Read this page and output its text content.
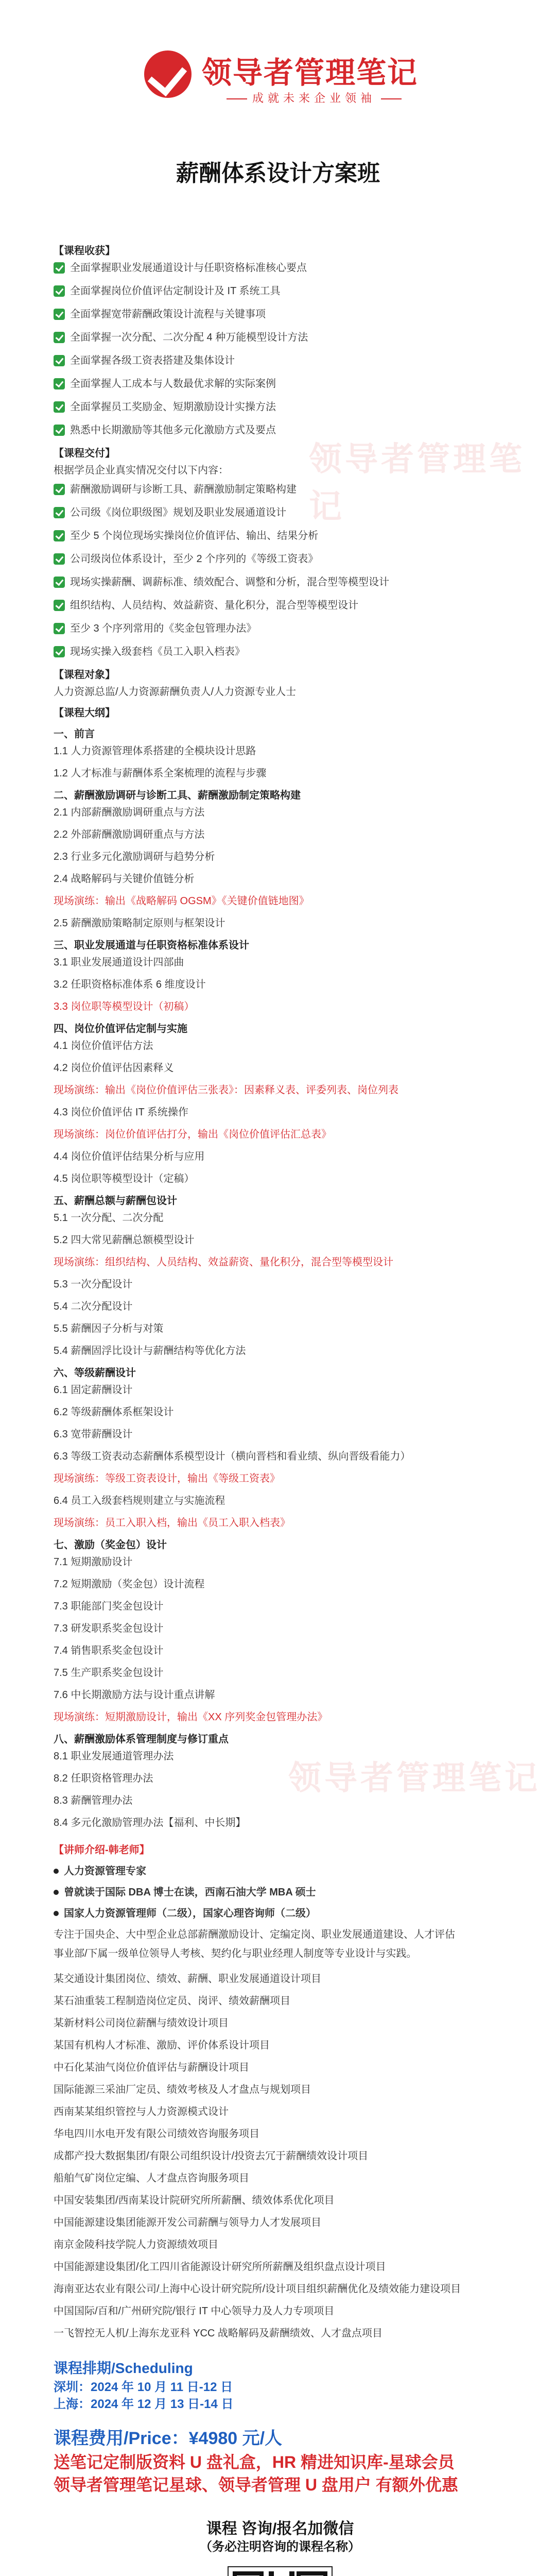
领导者管理笔记
成就未来企业领袖
薪酬体系设计方案班
领导者管理笔记
领导者管理笔记
【课程收获】
全面掌握职业发展通道设计与任职资格标准核心要点
全面掌握岗位价值评估定制设计及 IT 系统工具
全面掌握宽带薪酬政策设计流程与关键事项
全面掌握一次分配、二次分配 4 种万能模型设计方法
全面掌握各级工资表搭建及集体设计
全面掌握人工成本与人数最优求解的实际案例
全面掌握员工奖励金、短期激励设计实操方法
熟悉中长期激励等其他多元化激励方式及要点
【课程交付】
根据学员企业真实情况交付以下内容：
薪酬激励调研与诊断工具、薪酬激励制定策略构建
公司级《岗位职级图》规划及职业发展通道设计
至少 5 个岗位现场实操岗位价值评估、输出、结果分析
公司级岗位体系设计，至少 2 个序列的《等级工资表》
现场实操薪酬、调薪标准、绩效配合、调整和分析，混合型等模型设计
组织结构、人员结构、效益薪资、量化积分，混合型等模型设计
至少 3 个序列常用的《奖金包管理办法》
现场实操入级套档《员工入职入档表》
【课程对象】
人力资源总监/人力资源薪酬负责人/人力资源专业人士
【课程大纲】
一、前言
1.1 人力资源管理体系搭建的全模块设计思路
1.2 人才标准与薪酬体系全案梳理的流程与步骤
二、薪酬激励调研与诊断工具、薪酬激励制定策略构建
2.1 内部薪酬激励调研重点与方法
2.2 外部薪酬激励调研重点与方法
2.3 行业多元化激励调研与趋势分析
2.4 战略解码与关键价值链分析
现场演练：输出《战略解码 OGSM》《关键价值链地图》
2.5 薪酬激励策略制定原则与框架设计
三、职业发展通道与任职资格标准体系设计
3.1 职业发展通道设计四部曲
3.2 任职资格标准体系 6 维度设计
3.3 岗位职等模型设计（初稿）
四、岗位价值评估定制与实施
4.1 岗位价值评估方法
4.2 岗位价值评估因素释义
现场演练：输出《岗位价值评估三张表》：因素释义表、评委列表、岗位列表
4.3 岗位价值评估 IT 系统操作
现场演练：岗位价值评估打分，输出《岗位价值评估汇总表》
4.4 岗位价值评估结果分析与应用
4.5 岗位职等模型设计（定稿）
五、薪酬总额与薪酬包设计
5.1 一次分配、二次分配
5.2 四大常见薪酬总额模型设计
现场演练：组织结构、人员结构、效益薪资、量化积分，混合型等模型设计
5.3 一次分配设计
5.4 二次分配设计
5.5 薪酬因子分析与对策
5.4 薪酬固浮比设计与薪酬结构等优化方法
六、等级薪酬设计
6.1 固定薪酬设计
6.2 等级薪酬体系框架设计
6.3 宽带薪酬设计
6.3 等级工资表动态薪酬体系模型设计（横向晋档和看业绩、纵向晋级看能力）
现场演练：等级工资表设计，输出《等级工资表》
6.4 员工入级套档规则建立与实施流程
现场演练：员工入职入档，输出《员工入职入档表》
七、激励（奖金包）设计
7.1 短期激励设计
7.2 短期激励（奖金包）设计流程
7.3 职能部门奖金包设计
7.3 研发职系奖金包设计
7.4 销售职系奖金包设计
7.5 生产职系奖金包设计
7.6 中长期激励方法与设计重点讲解
现场演练：短期激励设计，输出《XX 序列奖金包管理办法》
八、薪酬激励体系管理制度与修订重点
8.1 职业发展通道管理办法
8.2 任职资格管理办法
8.3 薪酬管理办法
8.4 多元化激励管理办法【福利、中长期】
【讲师介绍-韩老师】
人力资源管理专家
曾就读于国际 DBA 博士在读，西南石油大学 MBA 硕士
国家人力资源管理师（二级），国家心理咨询师（二级）
专注于国央企、大中型企业总部薪酬激励设计、定编定岗、职业发展通道建设、人才评估
事业部/下属一级单位领导人考核、契约化与职业经理人制度等专业设计与实践。
某交通设计集团岗位、绩效、薪酬、职业发展通道设计项目
某石油重装工程制造岗位定员、岗评、绩效薪酬项目
某新材料公司岗位薪酬与绩效设计项目
某国有机构人才标准、激励、评价体系设计项目
中石化某油气岗位价值评估与薪酬设计项目
国际能源三采油厂定员、绩效考核及人才盘点与规划项目
西南某某组织管控与人力资源模式设计
华电四川水电开发有限公司绩效咨询服务项目
成都产投大数据集团/有限公司组织设计/投资去冗于薪酬绩效设计项目
船舶气矿岗位定编、人才盘点咨询服务项目
中国安装集团/西南某设计院研究所所薪酬、绩效体系优化项目
中国能源建设集团能源开发公司薪酬与领导力人才发展项目
南京金陵科技学院人力资源绩效项目
中国能源建设集团/化工四川省能源设计研究所所薪酬及组织盘点设计项目
海南亚达农业有限公司/上海中心设计研究院所/设计项目组织薪酬优化及绩效能力建设项目
中国国际/百和/广州研究院/银行 IT 中心领导力及人力专项项目
一飞智控无人机/上海东龙亚科 YCC 战略解码及薪酬绩效、人才盘点项目
课程排期/Scheduling
深圳：2024 年 10 月 11 日-12 日
上海：2024 年 12 月 13 日-14 日
课程费用/Price：¥4980 元/人
送笔记定制版资料 U 盘礼盒，HR 精进知识库-星球会员
领导者管理笔记星球、领导者管理 U 盘用户 有额外优惠
课程 咨询/报名加微信
（务必注明咨询的课程名称）
